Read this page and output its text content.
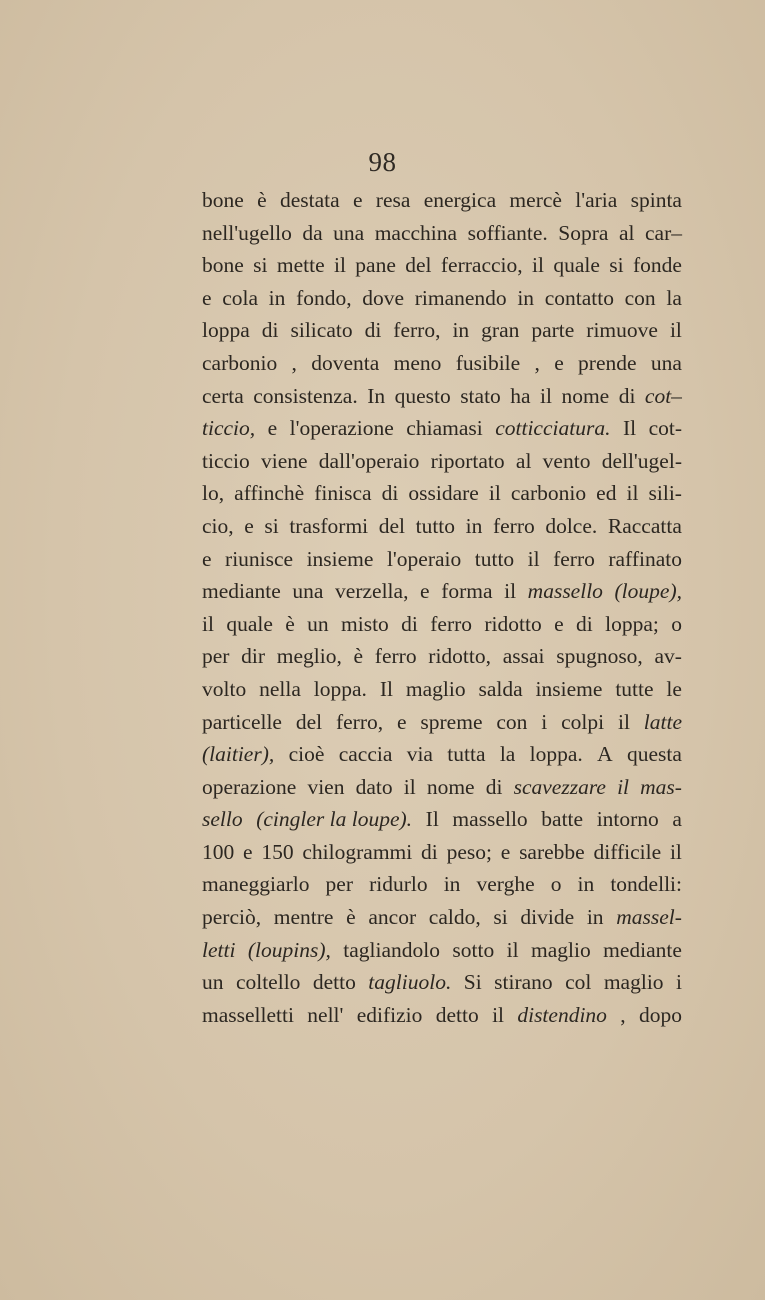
98
bone è destata e resa energica mercè l'aria spinta
nell'ugello da una macchina soffiante. Sopra al car–
bone si mette il pane del ferraccio, il quale si fonde
e cola in fondo, dove rimanendo in contatto con la
loppa di silicato di ferro, in gran parte rimuove il
carbonio , doventa meno fusibile , e prende una
certa consistenza. In questo stato ha il nome di cot–
ticcio, e l'operazione chiamasi cotticciatura. Il cot-
ticcio viene dall'operaio riportato al vento dell'ugel-
lo, affinchè finisca di ossidare il carbonio ed il sili-
cio, e si trasformi del tutto in ferro dolce. Raccatta
e riunisce insieme l'operaio tutto il ferro raffinato
mediante una verzella, e forma il massello (loupe),
il quale è un misto di ferro ridotto e di loppa; o
per dir meglio, è ferro ridotto, assai spugnoso, av-
volto nella loppa. Il maglio salda insieme tutte le
particelle del ferro, e spreme con i colpi il latte
(laitier), cioè caccia via tutta la loppa. A questa
operazione vien dato il nome di scavezzare il mas-
sello (cingler la loupe). Il massello batte intorno a
100 e 150 chilogrammi di peso; e sarebbe difficile il
maneggiarlo per ridurlo in verghe o in tondelli:
perciò, mentre è ancor caldo, si divide in massel-
letti (loupins), tagliandolo sotto il maglio mediante
un coltello detto tagliuolo. Si stirano col maglio i
masselletti nell' edifizio detto il distendino , dopo
